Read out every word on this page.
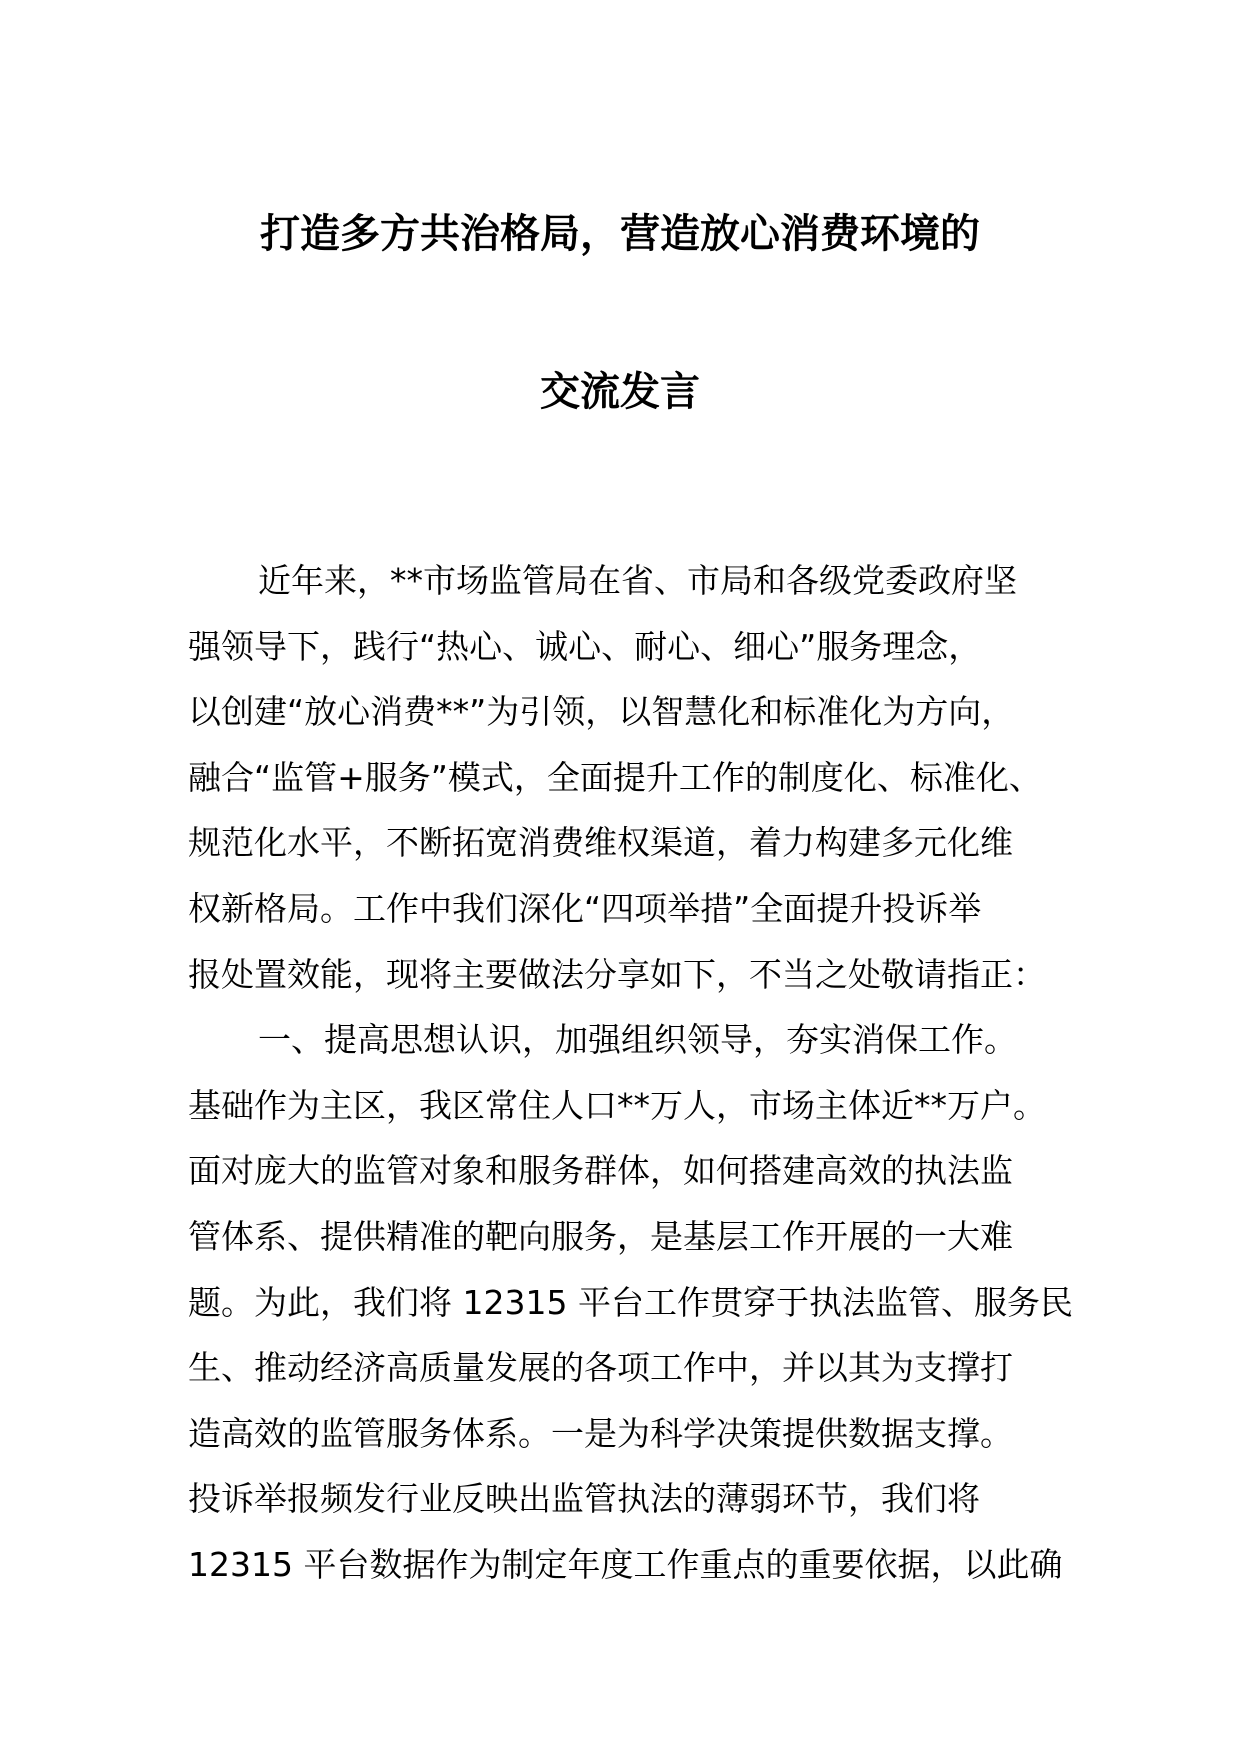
打造多方共治格局，营造放心消费环境的
交流发言
近年来，**市场监管局在省、市局和各级党委政府坚
强领导下，践行“热心、诚心、耐心、细心”服务理念，
以创建“放心消费**”为引领，以智慧化和标准化为方向，
融合“监管+服务”模式，全面提升工作的制度化、标准化、
规范化水平，不断拓宽消费维权渠道，着力构建多元化维
权新格局。工作中我们深化“四项举措”全面提升投诉举
报处置效能，现将主要做法分享如下，不当之处敬请指正：
一、提高思想认识，加强组织领导，夯实消保工作。
基础作为主区，我区常住人口**万人，市场主体近**万户。
面对庞大的监管对象和服务群体，如何搭建高效的执法监
管体系、提供精准的靶向服务，是基层工作开展的一大难
题。为此，我们将 12315 平台工作贯穿于执法监管、服务民
生、推动经济高质量发展的各项工作中，并以其为支撑打
造高效的监管服务体系。一是为科学决策提供数据支撑。
投诉举报频发行业反映出监管执法的薄弱环节，我们将
12315 平台数据作为制定年度工作重点的重要依据，以此确
